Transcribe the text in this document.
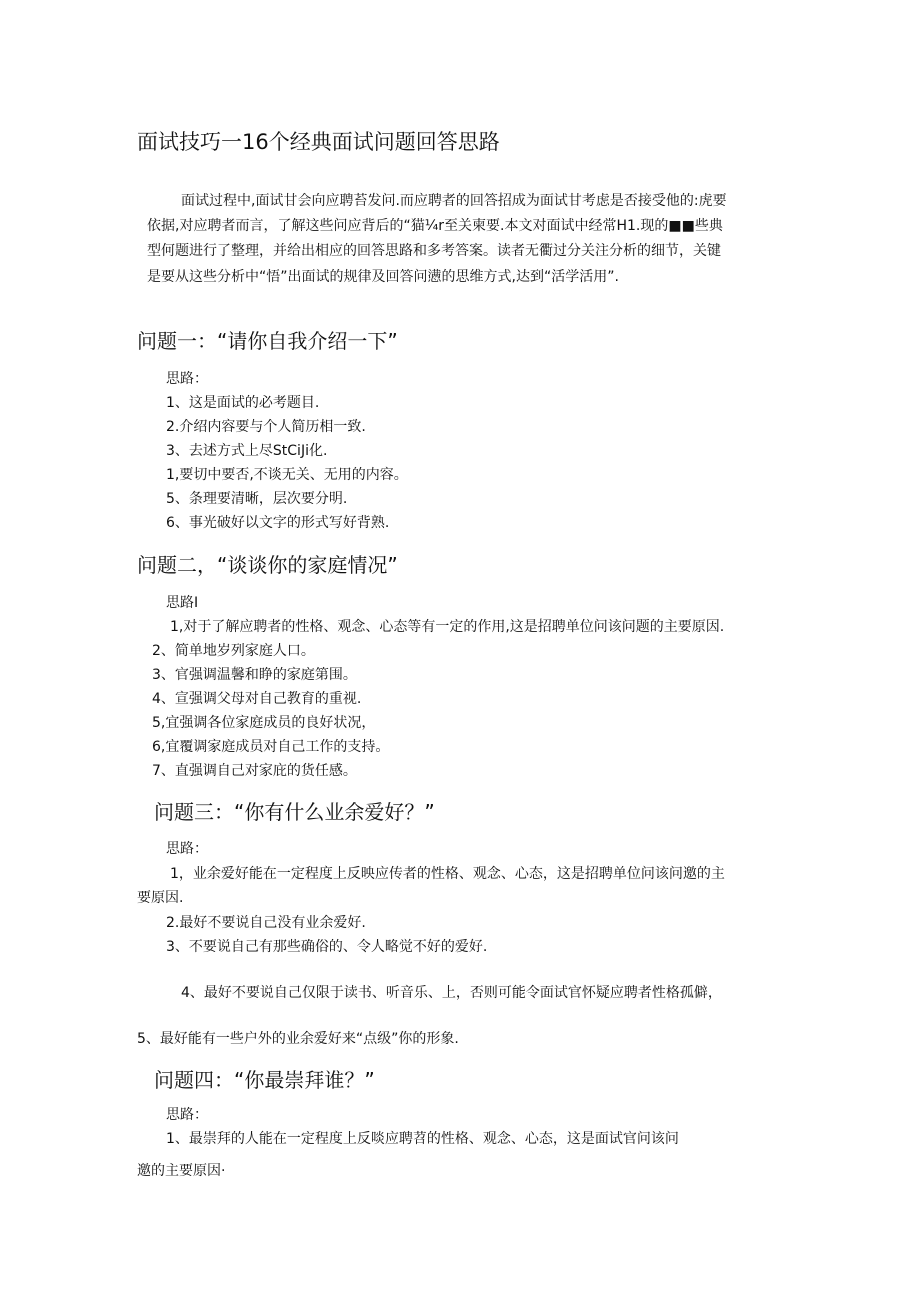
面试技巧一16个经典面试问题回答思路
面试过程中,面试甘会向应聘苔发问.而应聘者的回答招成为面试甘考虑是否接受他的:虎要
依据,对应聘者而言，了解这些问应背后的“猫¼r至关柬要.本文对面试中经常H1.现的■■些典
型何题进行了整理，并给出相应的回答思路和多考答案。读者无衢过分关注分析的细节，关键
是要从这些分析中“悟”出面试的规律及回答问懑的思维方式,达到“活学活用”.
问题一：“请你自我介绍一下”
思路：
1、这是面试的必考题目.
2.介绍内容要与个人简历相一致.
3、去述方式上尽StCiJi化.
1,要切中要否,不谈无关、无用的内容。
5、条理要清晰，层次要分明.
6、事光破好以文字的形式写好背熟.
问题二，“谈谈你的家庭情况”
思路I
1,对于了解应聘者的性格、观念、心态等有一定的作用,这是招聘单位问该问题的主要原因.
2、简单地岁列家庭人口。
3、官强调温馨和睁的家庭第围。
4、宣强调父母对自己教育的重视.
5,宜强调各位家庭成员的良好状况，
6,宜覆调家庭成员对自己工作的支持。
7、直强调自己对家庇的货任感。
问题三：“你有什么业余爱好？”
思路：
1，业余爱好能在一定程度上反映应传者的性格、观念、心态，这是招聘单位问该问邀的主
要原因.
2.最好不要说自己没有业余爱好.
3、不要说自己有那些确俗的、令人略觉不好的爱好.
4、最好不要说自己仅限于读书、听音乐、上，否则可能令面试官怀疑应聘者性格孤僻，
5、最好能有一些户外的业余爱好来“点级”你的形象.
问题四：“你最崇拜谁？”
思路：
1、最崇拜的人能在一定程度上反啖应聘苕的性格、观念、心态，这是面试官问该问
邀的主要原因·
